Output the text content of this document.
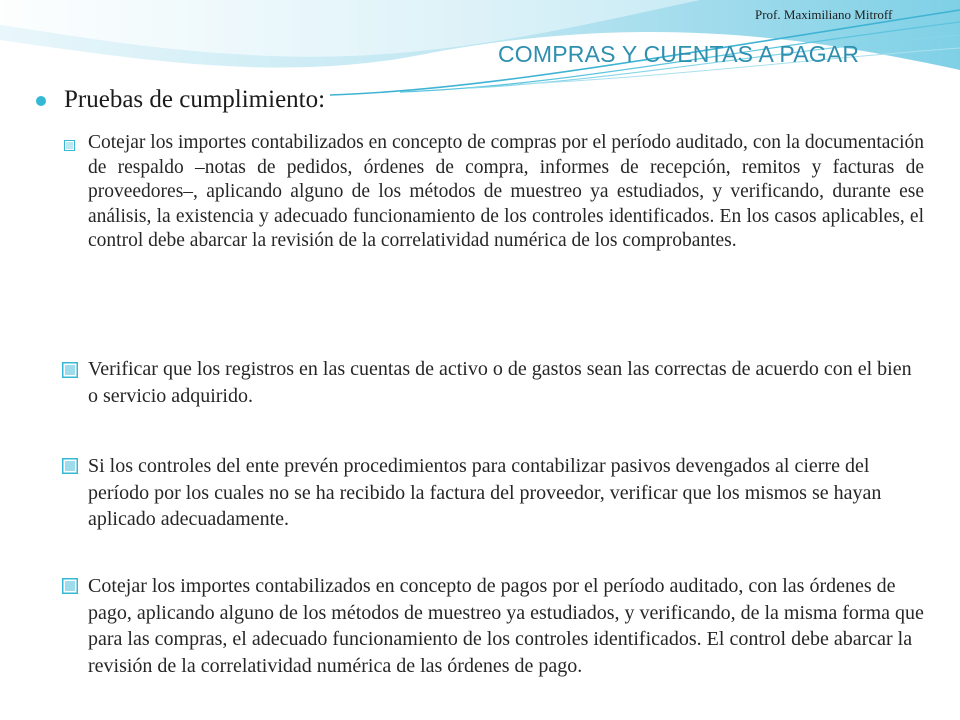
Prof. Maximiliano Mitroff
COMPRAS Y CUENTAS A PAGAR
Pruebas de cumplimiento:
Cotejar los importes contabilizados en concepto de compras por el período auditado, con la documentación de respaldo –notas de pedidos, órdenes de compra, informes de recepción, remitos y facturas de proveedores–, aplicando alguno de los métodos de muestreo ya estudiados, y verificando, durante ese análisis, la existencia y adecuado funcionamiento de los controles identificados. En los casos aplicables, el control debe abarcar la revisión de la correlatividad numérica de los comprobantes.
Verificar que los registros en las cuentas de activo o de gastos sean las correctas de acuerdo con el bien o servicio adquirido.
Si los controles del ente prevén procedimientos para contabilizar pasivos devengados al cierre del período por los cuales no se ha recibido la factura del proveedor, verificar que los mismos se hayan aplicado adecuadamente.
Cotejar los importes contabilizados en concepto de pagos por el período auditado, con las órdenes de pago, aplicando alguno de los métodos de muestreo ya estudiados, y verificando, de la misma forma que para las compras, el adecuado funcionamiento de los controles identificados. El control debe abarcar la revisión de la correlatividad numérica de las órdenes de pago.
